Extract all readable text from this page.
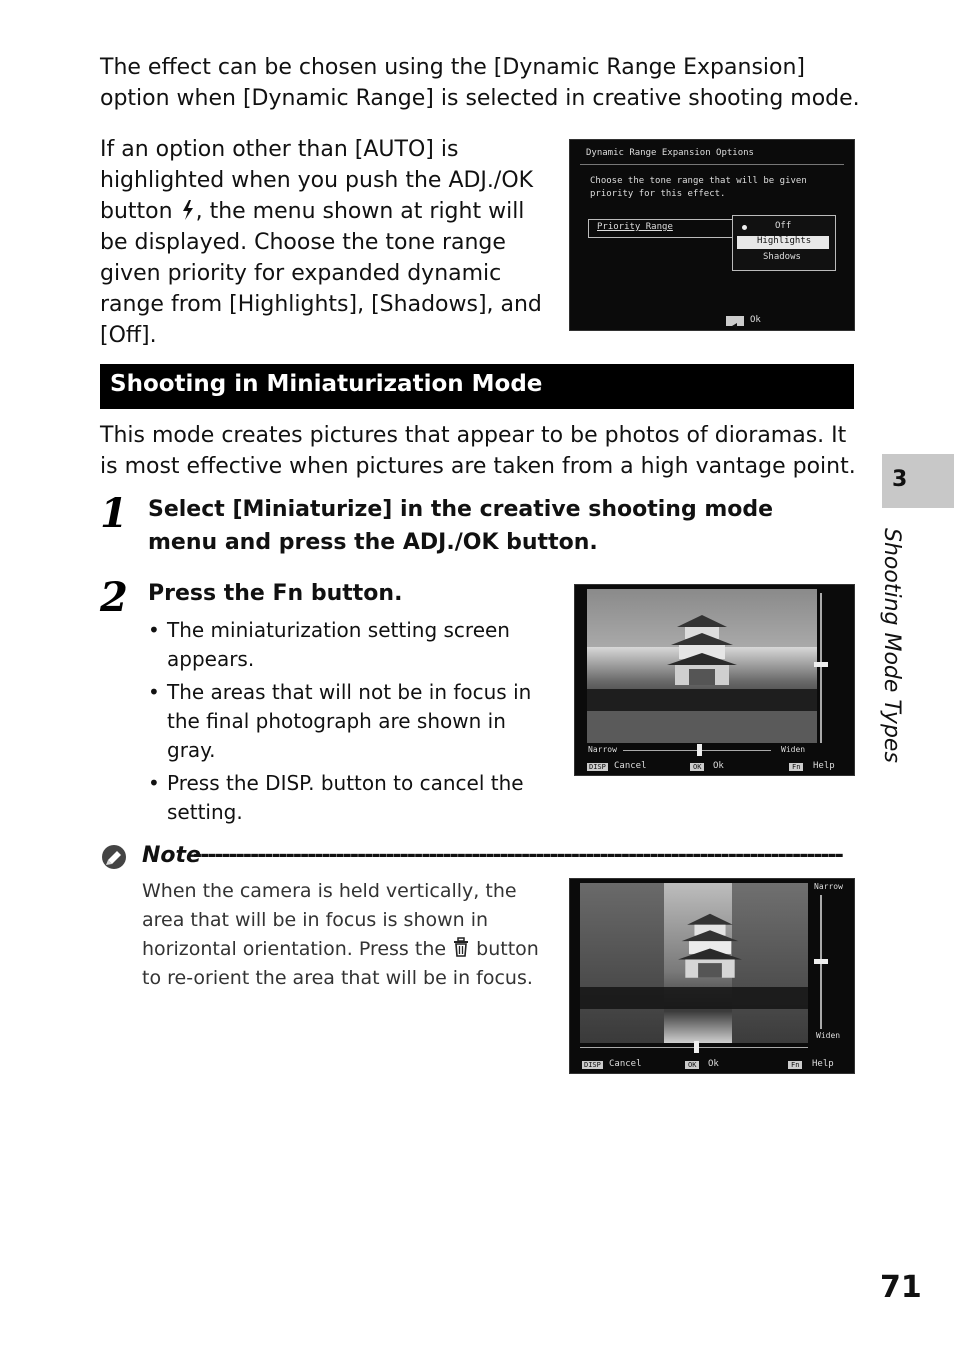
The effect can be chosen using the [Dynamic Range Expansion] option when [Dynamic Range] is selected in creative shooting mode.

If an option other than [AUTO] is highlighted when you push the ADJ./OK button , the menu shown at right will be displayed. Choose the tone range given priority for expanded dynamic range from [Highlights], [Shadows], and [Off].

Dynamic Range Expansion Options
Choose the tone range that will be given
priority for this effect.
Priority Range	Off
Highlights
Shadows
Ok
Shooting in Miniaturization Mode

This mode creates pictures that appear to be photos of dioramas. It is most effective when pictures are taken from a high vantage point.

1 Select [Miniaturize] in the creative shooting mode menu and press the ADJ./OK button.
2 Press the Fn button.
• The miniaturization setting screen appears.
• The areas that will not be in focus in the final photograph are shown in gray.
• Press the DISP. button to cancel the setting.
Narrow	Widen
DISP Cancel	OK	Ok	Fn	Help
Note
-------------------------------------------------------------------------------------------

When the camera is held vertically, the area that will be in focus is shown in horizontal orientation. Press the button to re-orient the area that will be in focus.

Narrow
Widen
DISP Cancel	OK	Ok	Fn	Help
3
Shooting Mode Types
71
